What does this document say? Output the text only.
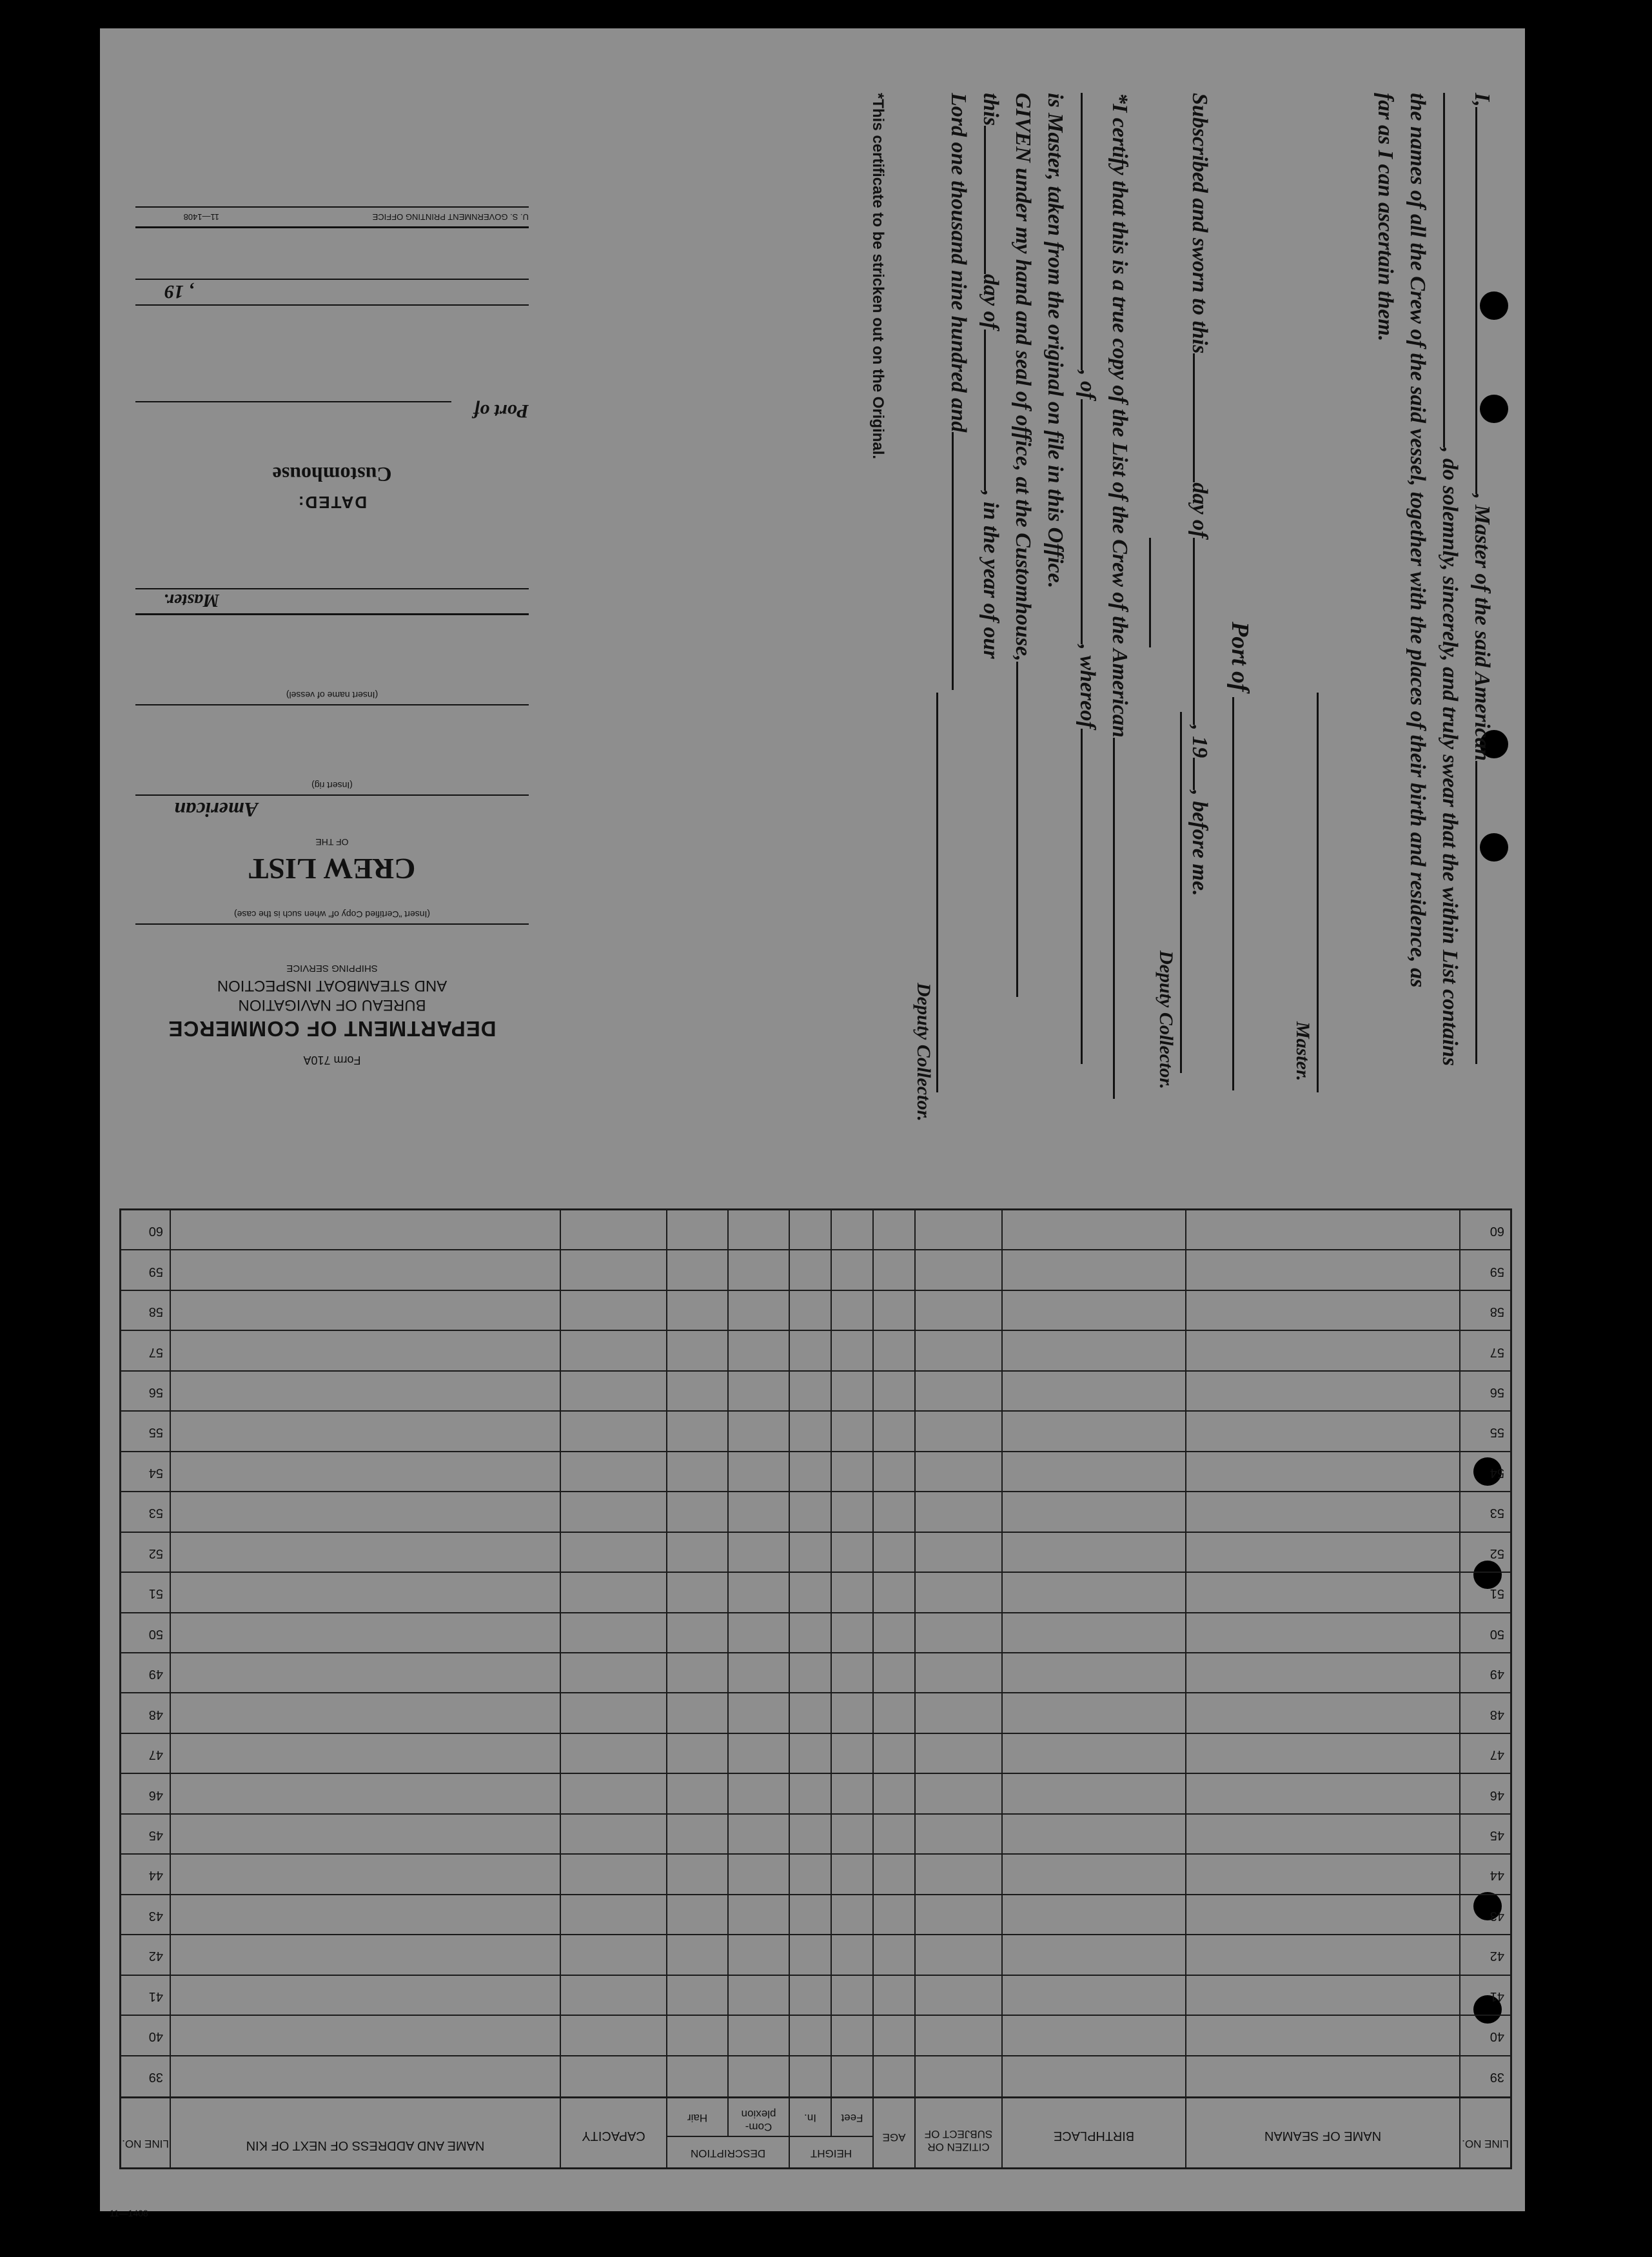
I,, Master of the said American
, do solemnly, sincerely, and truly swear that the within List contains
the names of all the Crew of the said vessel, together with the places of their birth and residence, as
far as I can ascertain them.
Master.
Port of
Subscribed and sworn to thisday of, 19, before me.
Deputy Collector.
*I certify that this is a true copy of the List of the Crew of the American
, of, whereof
is Master, taken from the original on file in this Office.
GIVEN under my hand and seal of office, at the Customhouse,
thisday of, in the year of our
Lord one thousand nine hundred and
Deputy Collector.
*This certificate to be stricken out on the Original.
Form 710A
DEPARTMENT OF COMMERCE
BUREAU OF NAVIGATION
AND STEAMBOAT INSPECTION
SHIPPING SERVICE
(Insert "Certified Copy of" when such is the case)
CREW LIST
OF THE
American
(Insert rig)
(Insert name of vessel)
Master.
DATED:
Customhouse
Port of
, 19
U. S. GOVERNMENT PRINTING OFFICE
11—1408
LINE NO.
NAME OF SEAMAN
BIRTHPLACE
CITIZEN OR SUBJECT OF
AGE
HEIGHT
Feet
In.
DESCRIPTION
Com- plexion
Hair
CAPACITY
NAME AND ADDRESS OF NEXT OF KIN
LINE NO.
39
39
40
40
41
41
42
42
43
43
44
44
45
45
46
46
47
47
48
48
49
49
50
50
51
51
52
52
53
53
54
54
55
55
56
56
57
57
58
58
59
59
60
60
11—1408
